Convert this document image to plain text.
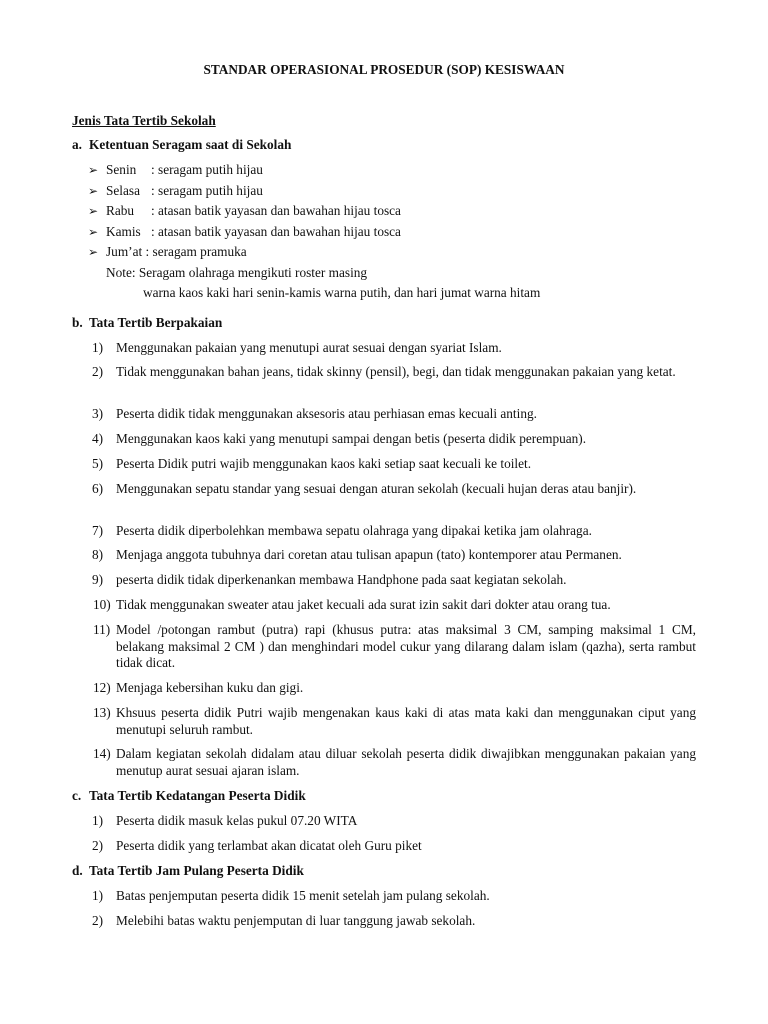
STANDAR OPERASIONAL PROSEDUR (SOP) KESISWAAN
Jenis Tata Tertib Sekolah
a. Ketentuan Seragam saat di Sekolah
➢ Senin : seragam putih hijau
➢ Selasa : seragam putih hijau
➢ Rabu : atasan batik yayasan dan bawahan hijau tosca
➢ Kamis : atasan batik yayasan dan bawahan hijau tosca
➢ Jum’at : seragam pramuka
Note: Seragam olahraga mengikuti roster masing
warna kaos kaki hari senin-kamis warna putih, dan hari jumat warna hitam
b. Tata Tertib Berpakaian
1) Menggunakan pakaian yang menutupi aurat sesuai dengan syariat Islam.
2) Tidak menggunakan bahan jeans, tidak skinny (pensil), begi, dan tidak menggunakan pakaian yang ketat.
3) Peserta didik tidak menggunakan aksesoris atau perhiasan emas kecuali anting.
4) Menggunakan kaos kaki yang menutupi sampai dengan betis (peserta didik perempuan).
5) Peserta Didik putri wajib menggunakan kaos kaki setiap saat kecuali ke toilet.
6) Menggunakan sepatu standar yang sesuai dengan aturan sekolah (kecuali hujan deras atau banjir).
7) Peserta didik diperbolehkan membawa sepatu olahraga yang dipakai ketika jam olahraga.
8) Menjaga anggota tubuhnya dari coretan atau tulisan apapun (tato) kontemporer atau Permanen.
9) peserta didik tidak diperkenankan membawa Handphone pada saat kegiatan sekolah.
10) Tidak menggunakan sweater atau jaket kecuali ada surat izin sakit dari dokter atau orang tua.
11) Model /potongan rambut (putra) rapi (khusus putra: atas maksimal 3 CM, samping maksimal 1 CM, belakang maksimal 2 CM ) dan menghindari model cukur yang dilarang dalam islam (qazha), serta rambut tidak dicat.
12) Menjaga kebersihan kuku dan gigi.
13) Khsuus peserta didik Putri wajib mengenakan kaus kaki di atas mata kaki dan menggunakan ciput yang menutupi seluruh rambut.
14) Dalam kegiatan sekolah didalam atau diluar sekolah peserta didik diwajibkan menggunakan pakaian yang menutup aurat sesuai ajaran islam.
c. Tata Tertib Kedatangan Peserta Didik
1) Peserta didik masuk kelas pukul 07.20 WITA
2) Peserta didik yang terlambat akan dicatat oleh Guru piket
d. Tata Tertib Jam Pulang Peserta Didik
1) Batas penjemputan peserta didik 15 menit setelah jam pulang sekolah.
2) Melebihi batas waktu penjemputan di luar tanggung jawab sekolah.
